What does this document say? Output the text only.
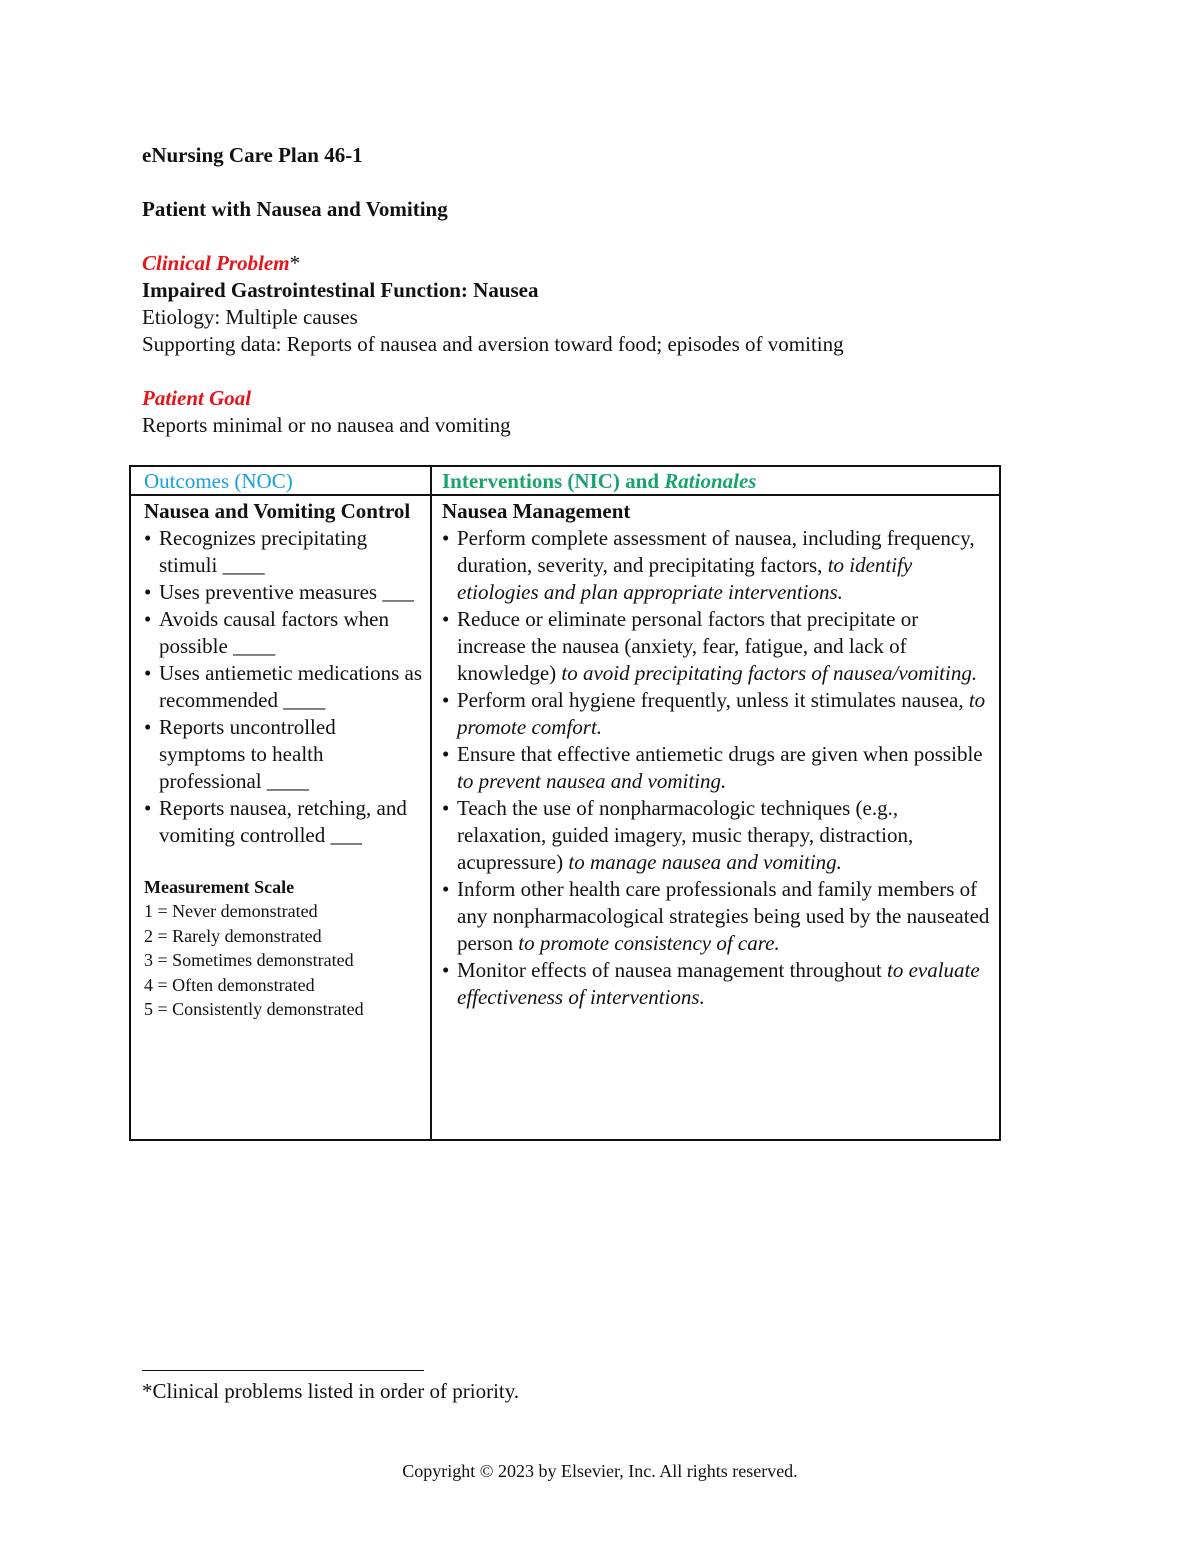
eNursing Care Plan 46-1
Patient with Nausea and Vomiting
Clinical Problem*
Impaired Gastrointestinal Function: Nausea
Etiology: Multiple causes
Supporting data: Reports of nausea and aversion toward food; episodes of vomiting
Patient Goal
Reports minimal or no nausea and vomiting
Outcomes (NOC)	Interventions (NIC) and Rationales
Nausea and Vomiting Control
• Recognizes precipitating stimuli ____
• Uses preventive measures ___
• Avoids causal factors when possible ____
• Uses antiemetic medications as recommended ____
• Reports uncontrolled symptoms to health professional ____
• Reports nausea, retching, and vomiting controlled ___
Measurement Scale
1 = Never demonstrated
2 = Rarely demonstrated
3 = Sometimes demonstrated
4 = Often demonstrated
5 = Consistently demonstrated
Nausea Management
• Perform complete assessment of nausea, including frequency, duration, severity, and precipitating factors, to identify etiologies and plan appropriate interventions.
• Reduce or eliminate personal factors that precipitate or increase the nausea (anxiety, fear, fatigue, and lack of knowledge) to avoid precipitating factors of nausea/vomiting.
• Perform oral hygiene frequently, unless it stimulates nausea, to promote comfort.
• Ensure that effective antiemetic drugs are given when possible to prevent nausea and vomiting.
• Teach the use of nonpharmacologic techniques (e.g., relaxation, guided imagery, music therapy, distraction, acupressure) to manage nausea and vomiting.
• Inform other health care professionals and family members of any nonpharmacological strategies being used by the nauseated person to promote consistency of care.
• Monitor effects of nausea management throughout to evaluate effectiveness of interventions.
*Clinical problems listed in order of priority.
Copyright © 2023 by Elsevier, Inc. All rights reserved.
